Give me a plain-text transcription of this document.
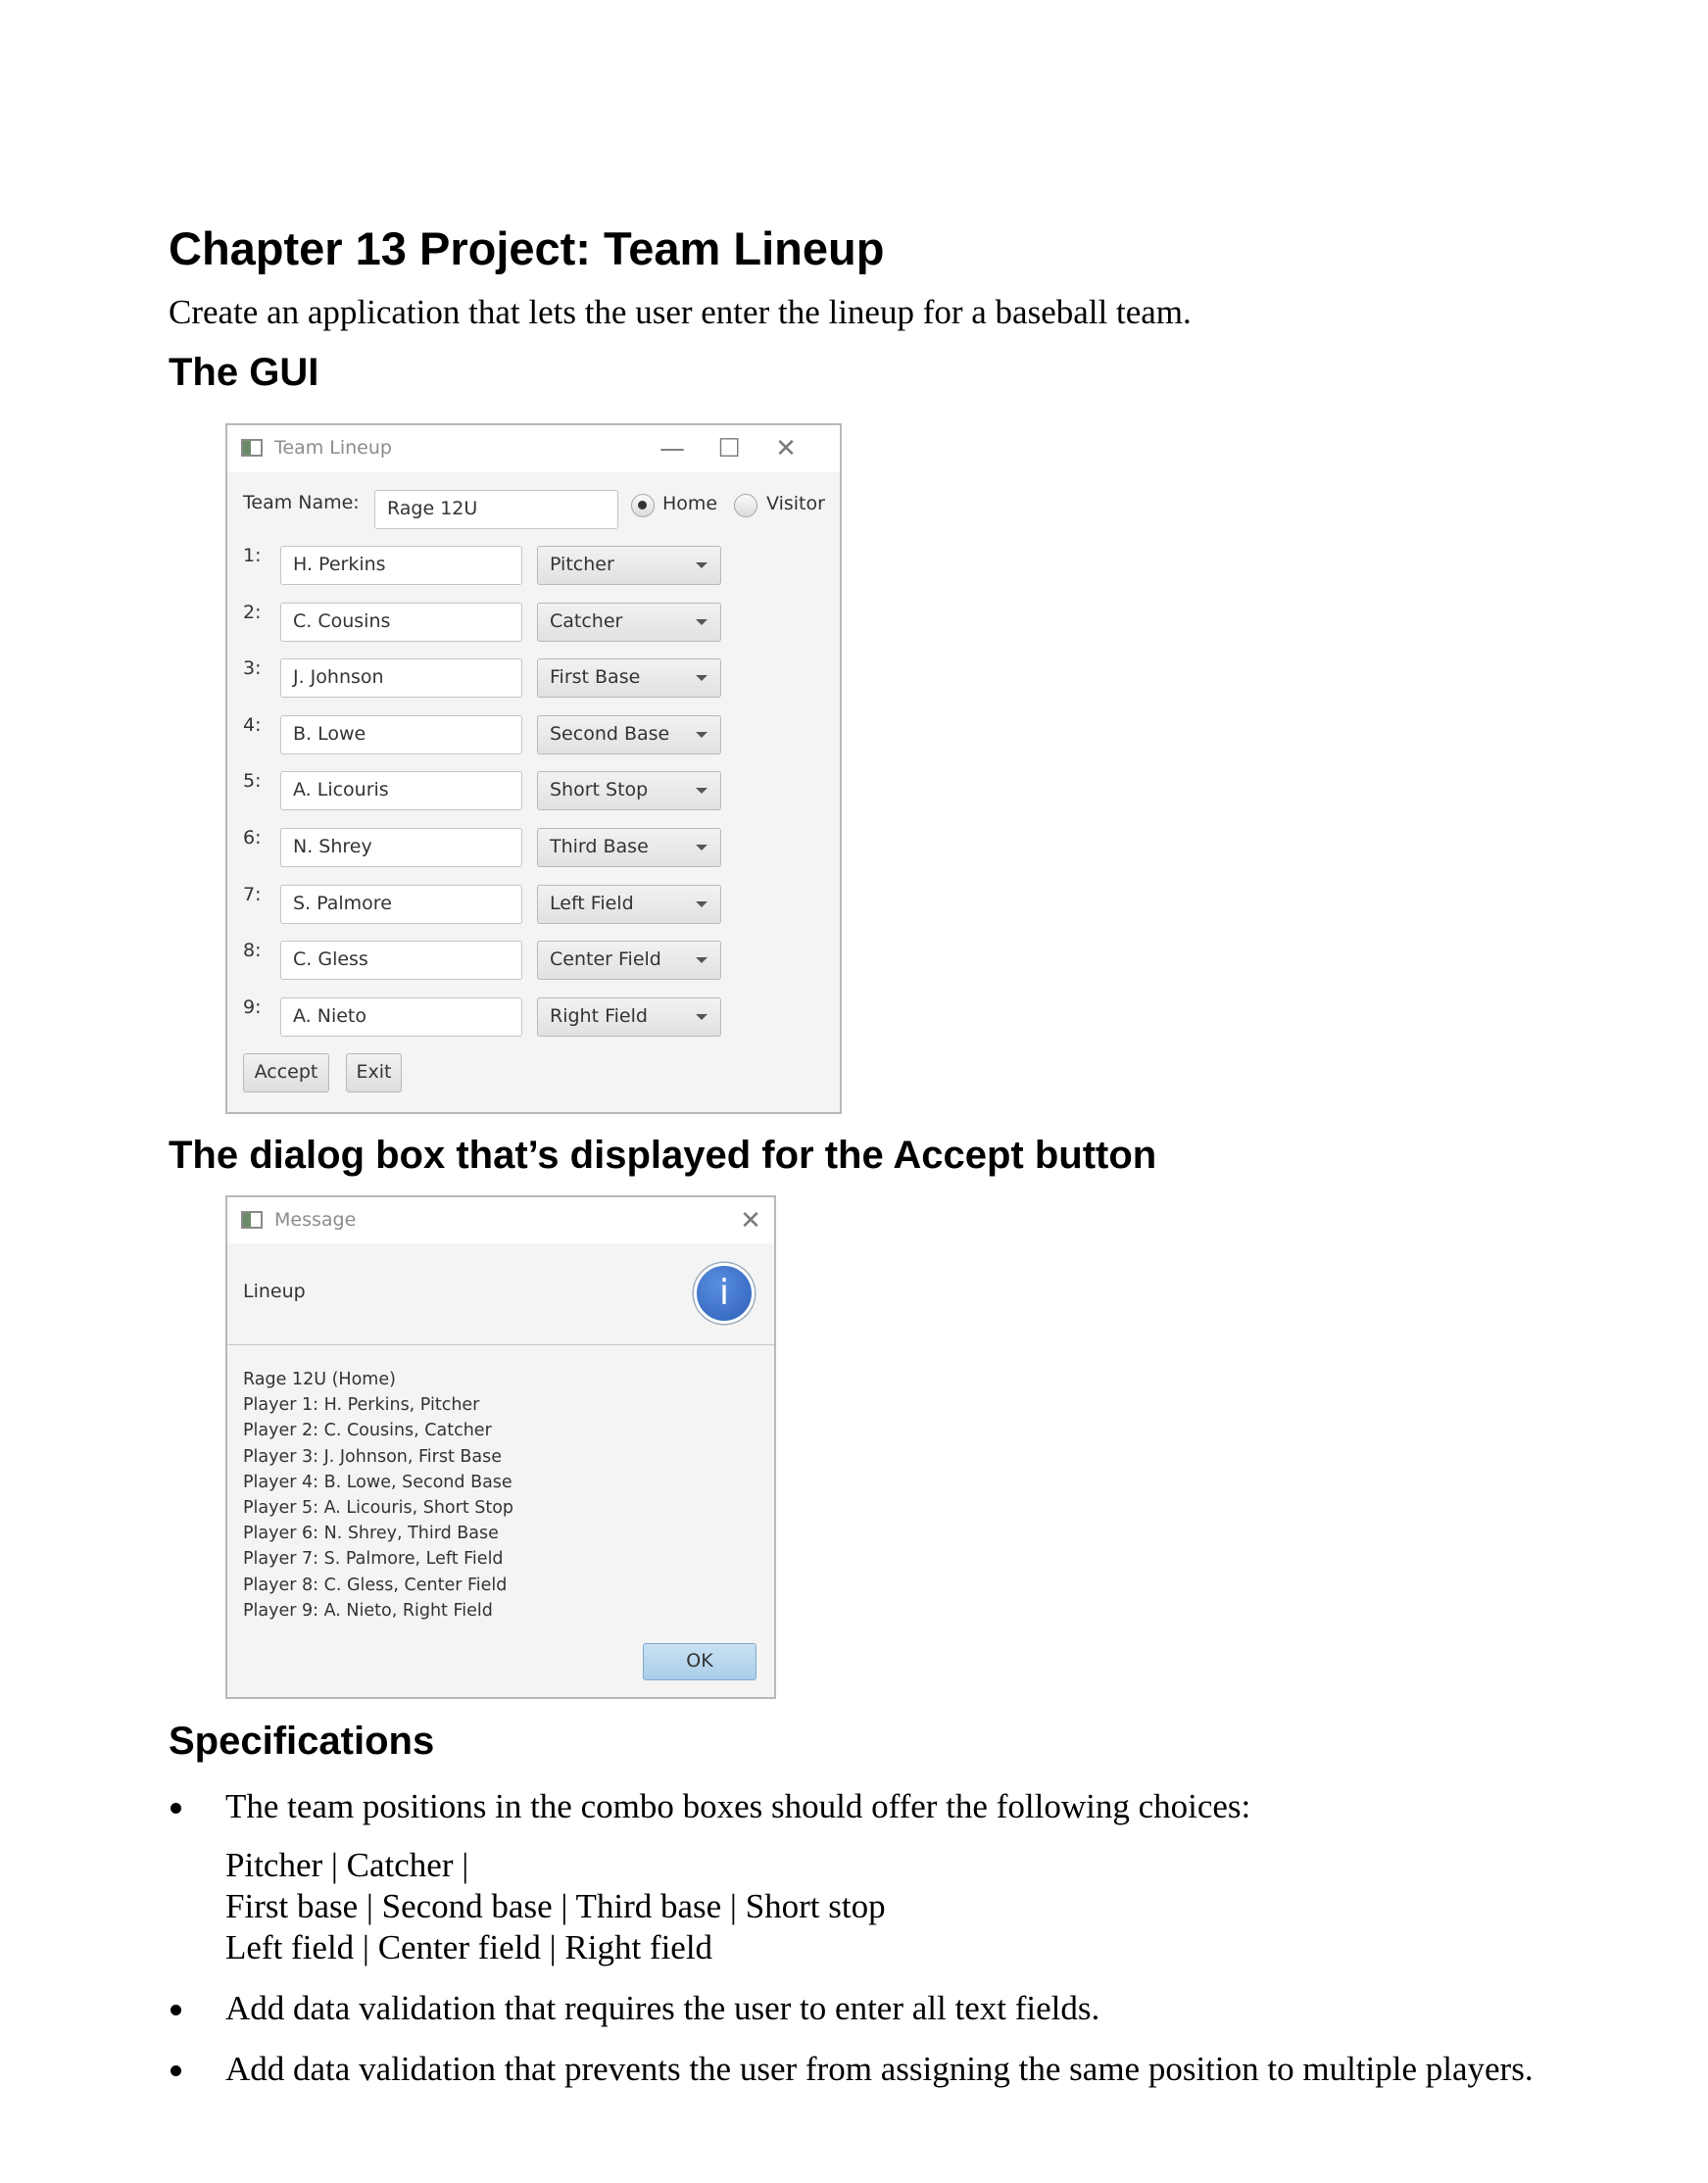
Chapter 13 Project: Team Lineup
Create an application that lets the user enter the lineup for a baseball team.
The GUI
Team Lineup	— ☐ ✕
Team Name:	Rage 12U	Home	Visitor
1:	H. Perkins	Pitcher
2:	C. Cousins	Catcher
3:	J. Johnson	First Base
4:	B. Lowe	Second Base
5:	A. Licouris	Short Stop
6:	N. Shrey	Third Base
7:	S. Palmore	Left Field
8:	C. Gless	Center Field
9:	A. Nieto	Right Field
Accept	Exit
The dialog box that’s displayed for the Accept button
Message	✕
Lineup	i
Rage 12U (Home)
Player 1: H. Perkins, Pitcher
Player 2: C. Cousins, Catcher
Player 3: J. Johnson, First Base
Player 4: B. Lowe, Second Base
Player 5: A. Licouris, Short Stop
Player 6: N. Shrey, Third Base
Player 7: S. Palmore, Left Field
Player 8: C. Gless, Center Field
Player 9: A. Nieto, Right Field
OK
Specifications
The team positions in the combo boxes should offer the following choices:
Pitcher | Catcher |
First base | Second base | Third base | Short stop
Left field | Center field | Right field
Add data validation that requires the user to enter all text fields.
Add data validation that prevents the user from assigning the same position to multiple players.
